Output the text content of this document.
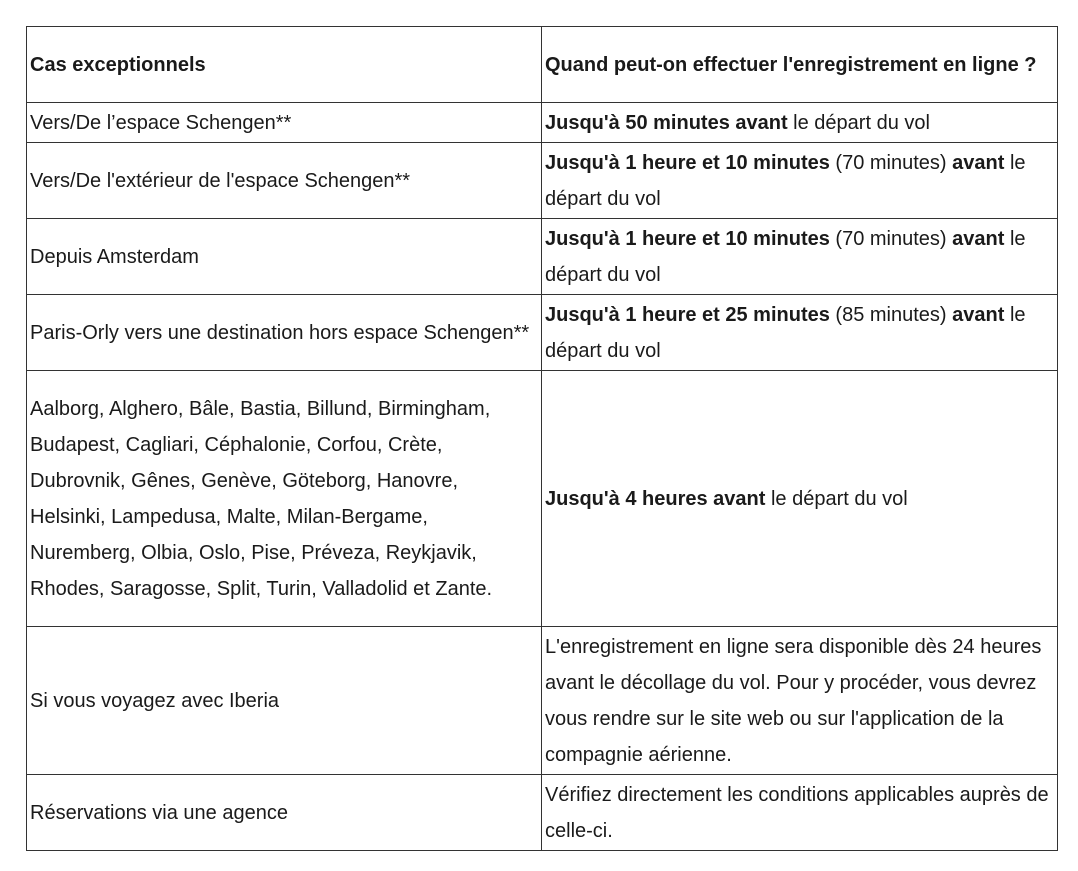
Cas exceptionnels	Quand peut-on effectuer l'enregistrement en ligne ?
Vers/De l’espace Schengen**	Jusqu'à 50 minutes avant le départ du vol
Vers/De l'extérieur de l'espace Schengen**	Jusqu'à 1 heure et 10 minutes (70 minutes) avant le départ du vol
Depuis Amsterdam	Jusqu'à 1 heure et 10 minutes (70 minutes) avant le départ du vol
Paris-Orly vers une destination hors espace Schengen**	Jusqu'à 1 heure et 25 minutes (85 minutes) avant le départ du vol
Aalborg, Alghero, Bâle, Bastia, Billund, Birmingham, Budapest, Cagliari, Céphalonie, Corfou, Crète, Dubrovnik, Gênes, Genève, Göteborg, Hanovre, Helsinki, Lampedusa, Malte, Milan-Bergame, Nuremberg, Olbia, Oslo, Pise, Préveza, Reykjavik, Rhodes, Saragosse, Split, Turin, Valladolid et Zante.	Jusqu'à 4 heures avant le départ du vol
Si vous voyagez avec Iberia	L'enregistrement en ligne sera disponible dès 24 heures avant le décollage du vol. Pour y procéder, vous devrez vous rendre sur le site web ou sur l'application de la compagnie aérienne.
Réservations via une agence	Vérifiez directement les conditions applicables auprès de celle-ci.
